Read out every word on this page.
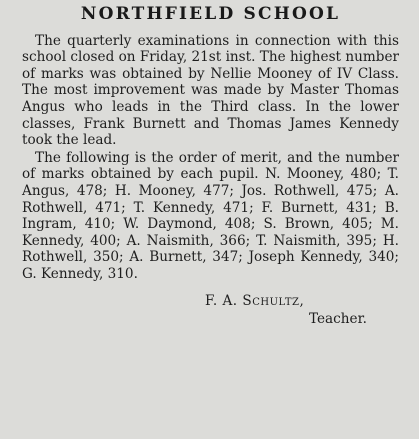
NORTHFIELD SCHOOL

The quarterly examinations in connection with this school closed on Friday, 21st inst. The highest number of marks was obtained by Nellie Mooney of IV Class. The most improvement was made by Master Thomas Angus who leads in the Third class. In the lower classes, Frank Burnett and Thomas James Kennedy took the lead.

The following is the order of merit, and the number of marks obtained by each pupil. N. Mooney, 480; T. Angus, 478; H. Mooney, 477; Jos. Rothwell, 475; A. Rothwell, 471; T. Kennedy, 471; F. Burnett, 431; B. Ingram, 410; W. Daymond, 408; S. Brown, 405; M. Kennedy, 400; A. Naismith, 366; T. Naismith, 395; H. Rothwell, 350; A. Burnett, 347; Joseph Kennedy, 340; G. Kennedy, 310.

F. A. Schultz,
Teacher.
